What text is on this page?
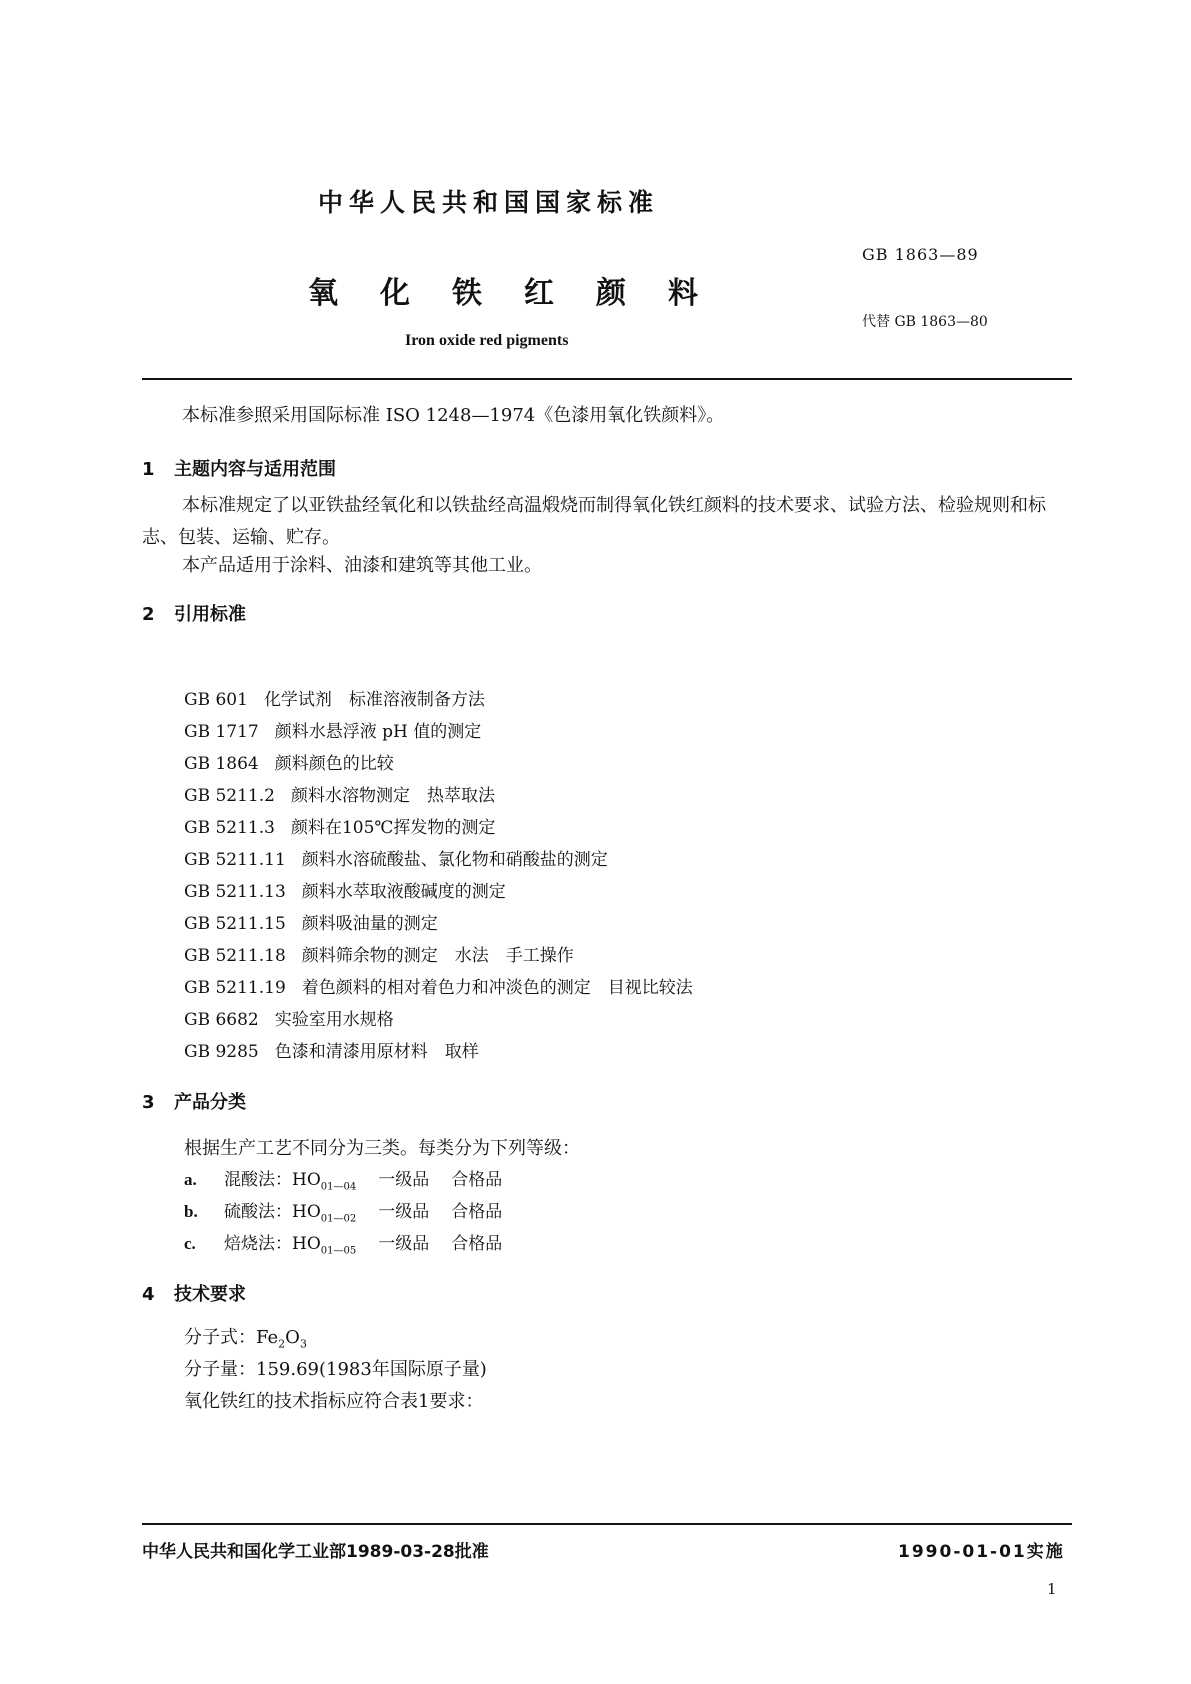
中华人民共和国国家标准
GB 1863—89
氧化铁红颜料
代替 GB 1863—80
Iron oxide red pigments
本标准参照采用国际标准 ISO 1248—1974《色漆用氧化铁颜料》。
1 主题内容与适用范围
本标准规定了以亚铁盐经氧化和以铁盐经高温煅烧而制得氧化铁红颜料的技术要求、试验方法、检验规则和标志、包装、运输、贮存。
本产品适用于涂料、油漆和建筑等其他工业。
2 引用标准
GB 601 化学试剂　标准溶液制备方法
GB 1717 颜料水悬浮液 pH 值的测定
GB 1864 颜料颜色的比较
GB 5211.2 颜料水溶物测定　热萃取法
GB 5211.3 颜料在105℃挥发物的测定
GB 5211.11 颜料水溶硫酸盐、氯化物和硝酸盐的测定
GB 5211.13 颜料水萃取液酸碱度的测定
GB 5211.15 颜料吸油量的测定
GB 5211.18 颜料筛余物的测定　水法　手工操作
GB 5211.19 着色颜料的相对着色力和冲淡色的测定　目视比较法
GB 6682 实验室用水规格
GB 9285 色漆和清漆用原材料　取样
3 产品分类
根据生产工艺不同分为三类。每类分为下列等级：
a. 混酸法：$HO_{01—04}$ 一级品 合格品
b. 硫酸法：$HO_{01—02}$ 一级品 合格品
c. 焙烧法：$HO_{01—05}$ 一级品 合格品
4 技术要求
分子式：$Fe_2O_3$
分子量：159.69(1983年国际原子量)
氧化铁红的技术指标应符合表1要求：
中华人民共和国化学工业部1989-03-28批准	1990-01-01实施
1
